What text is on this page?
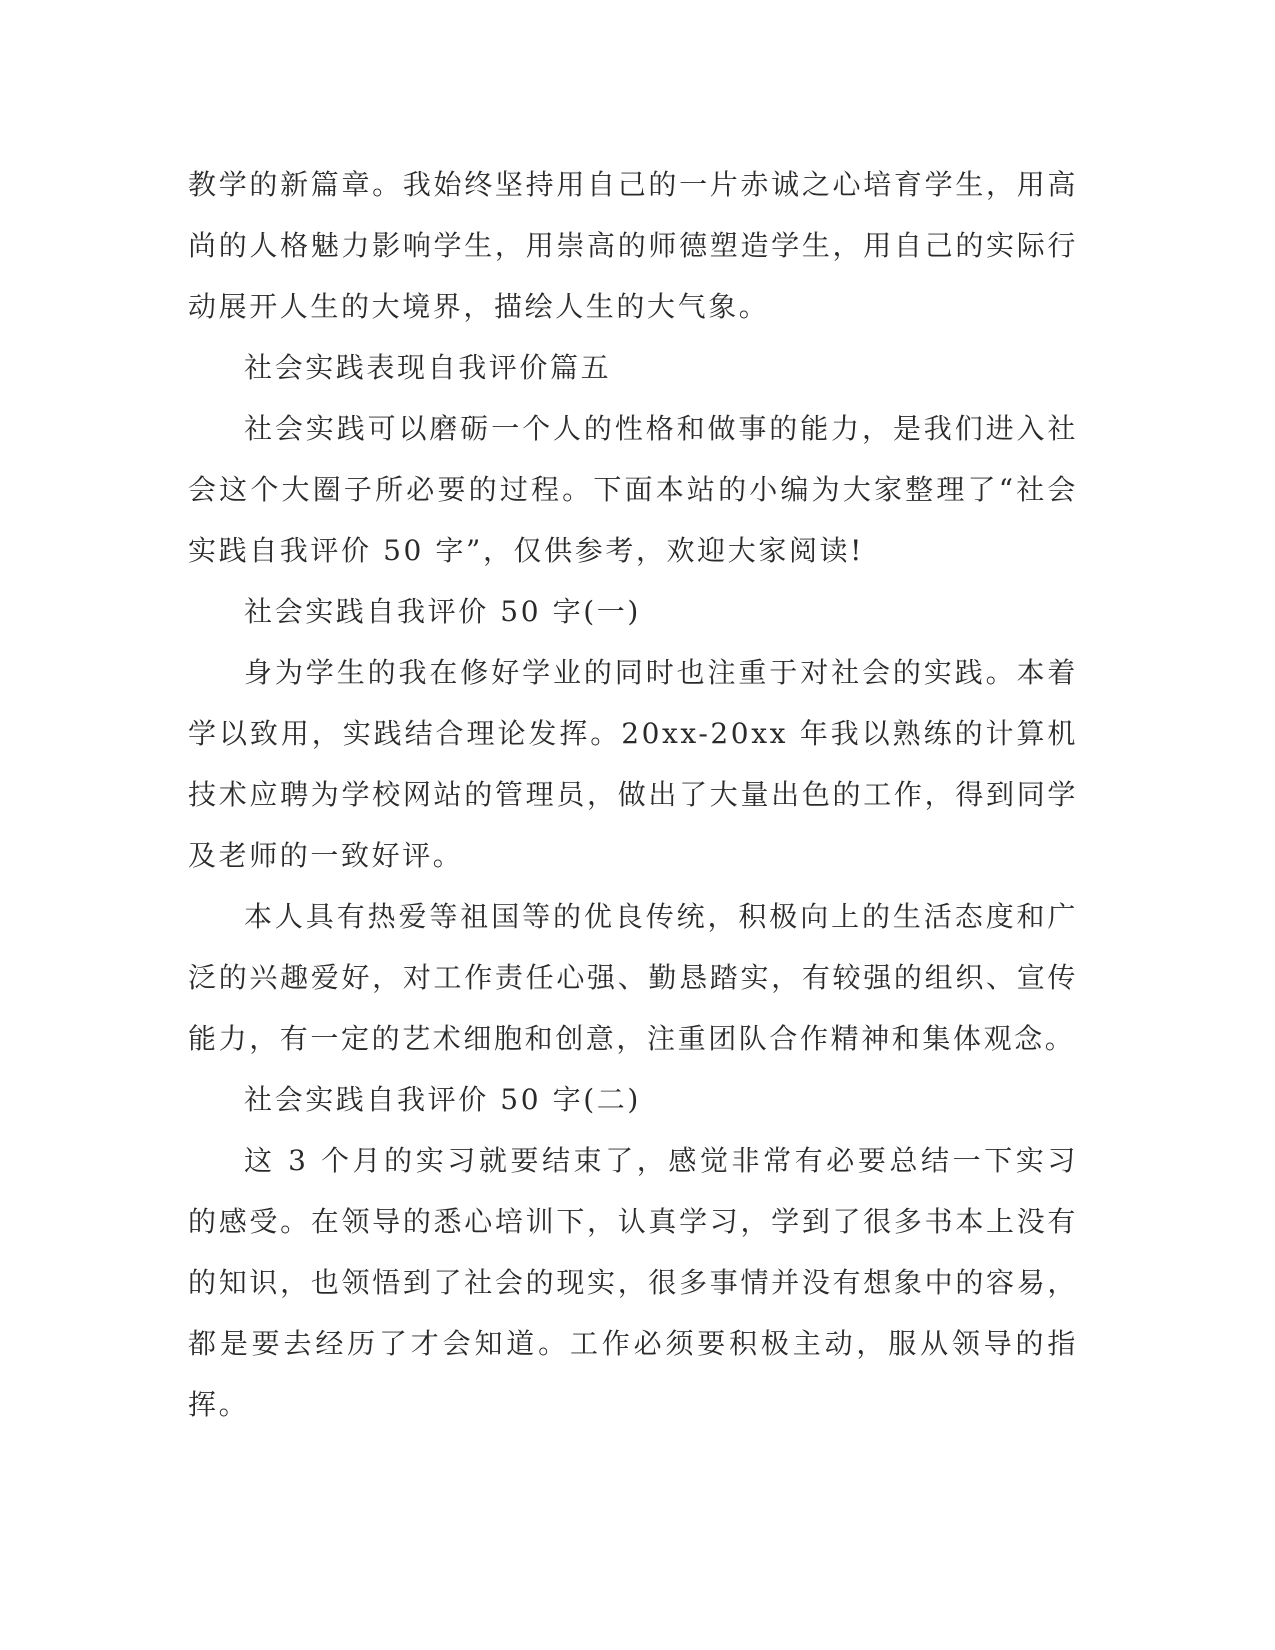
教学的新篇章。我始终坚持用自己的一片赤诚之心培育学生，用高尚的人格魅力影响学生，用崇高的师德塑造学生，用自己的实际行动展开人生的大境界，描绘人生的大气象。

社会实践表现自我评价篇五

社会实践可以磨砺一个人的性格和做事的能力，是我们进入社会这个大圈子所必要的过程。下面本站的小编为大家整理了“社会实践自我评价 50 字”，仅供参考，欢迎大家阅读!

社会实践自我评价 50 字(一)

身为学生的我在修好学业的同时也注重于对社会的实践。本着学以致用，实践结合理论发挥。20xx-20xx 年我以熟练的计算机技术应聘为学校网站的管理员，做出了大量出色的工作，得到同学及老师的一致好评。

本人具有热爱等祖国等的优良传统，积极向上的生活态度和广泛的兴趣爱好，对工作责任心强、勤恳踏实，有较强的组织、宣传能力，有一定的艺术细胞和创意，注重团队合作精神和集体观念。

社会实践自我评价 50 字(二)

这 3 个月的实习就要结束了，感觉非常有必要总结一下实习的感受。在领导的悉心培训下，认真学习，学到了很多书本上没有的知识，也领悟到了社会的现实，很多事情并没有想象中的容易，都是要去经历了才会知道。工作必须要积极主动，服从领导的指挥。
